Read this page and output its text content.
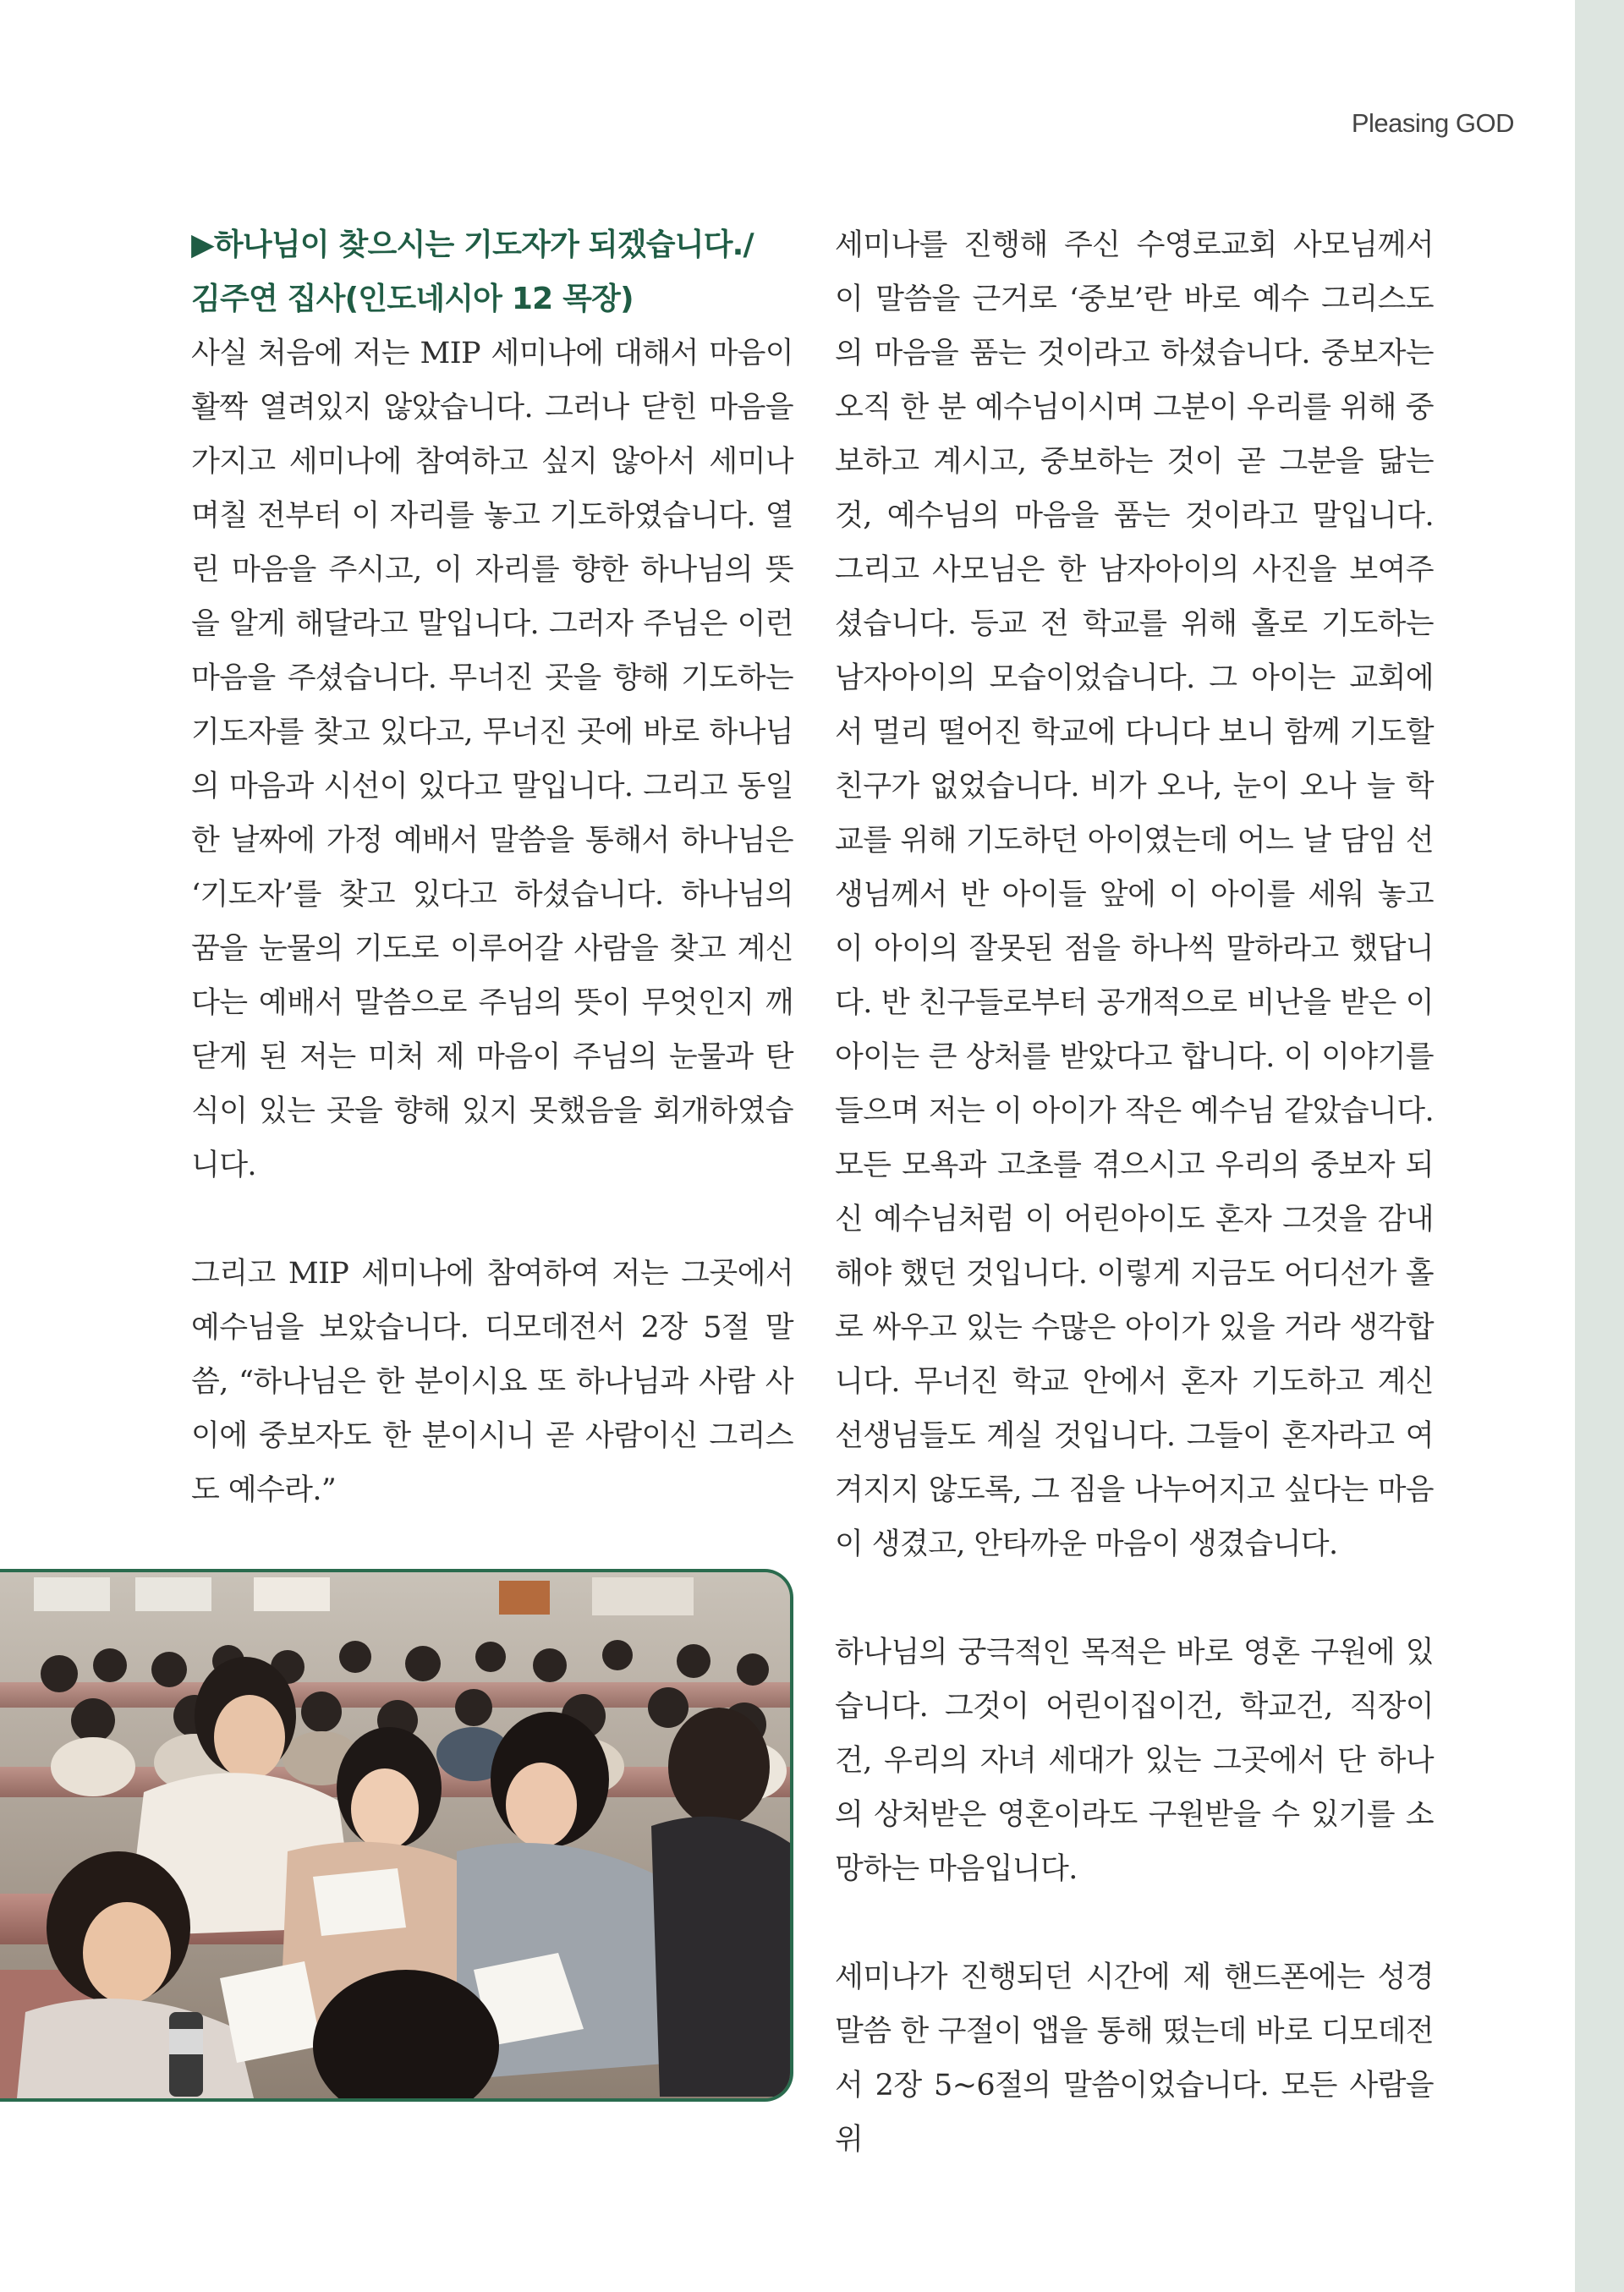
Pleasing GOD
▶하나님이 찾으시는 기도자가 되겠습니다./
김주연 집사(인도네시아 12 목장)

사실 처음에 저는 MIP 세미나에 대해서 마음이 활짝 열려있지 않았습니다. 그러나 닫힌 마음을 가지고 세미나에 참여하고 싶지 않아서 세미나 며칠 전부터 이 자리를 놓고 기도하였습니다. 열린 마음을 주시고, 이 자리를 향한 하나님의 뜻을 알게 해달라고 말입니다. 그러자 주님은 이런 마음을 주셨습니다. 무너진 곳을 향해 기도하는 기도자를 찾고 있다고, 무너진 곳에 바로 하나님의 마음과 시선이 있다고 말입니다. 그리고 동일한 날짜에 가정 예배서 말씀을 통해서 하나님은 ‘기도자’를 찾고 있다고 하셨습니다. 하나님의 꿈을 눈물의 기도로 이루어갈 사람을 찾고 계신다는 예배서 말씀으로 주님의 뜻이 무엇인지 깨닫게 된 저는 미처 제 마음이 주님의 눈물과 탄식이 있는 곳을 향해 있지 못했음을 회개하였습니다.

그리고 MIP 세미나에 참여하여 저는 그곳에서 예수님을 보았습니다. 디모데전서 2장 5절 말씀, “하나님은 한 분이시요 또 하나님과 사람 사이에 중보자도 한 분이시니 곧 사람이신 그리스도 예수라.”

세미나를 진행해 주신 수영로교회 사모님께서 이 말씀을 근거로 ‘중보’란 바로 예수 그리스도의 마음을 품는 것이라고 하셨습니다. 중보자는 오직 한 분 예수님이시며 그분이 우리를 위해 중보하고 계시고, 중보하는 것이 곧 그분을 닮는 것, 예수님의 마음을 품는 것이라고 말입니다. 그리고 사모님은 한 남자아이의 사진을 보여주셨습니다. 등교 전 학교를 위해 홀로 기도하는 남자아이의 모습이었습니다. 그 아이는 교회에서 멀리 떨어진 학교에 다니다 보니 함께 기도할 친구가 없었습니다. 비가 오나, 눈이 오나 늘 학교를 위해 기도하던 아이였는데 어느 날 담임 선생님께서 반 아이들 앞에 이 아이를 세워 놓고 이 아이의 잘못된 점을 하나씩 말하라고 했답니다. 반 친구들로부터 공개적으로 비난을 받은 이 아이는 큰 상처를 받았다고 합니다. 이 이야기를 들으며 저는 이 아이가 작은 예수님 같았습니다. 모든 모욕과 고초를 겪으시고 우리의 중보자 되신 예수님처럼 이 어린아이도 혼자 그것을 감내해야 했던 것입니다. 이렇게 지금도 어디선가 홀로 싸우고 있는 수많은 아이가 있을 거라 생각합니다. 무너진 학교 안에서 혼자 기도하고 계신 선생님들도 계실 것입니다. 그들이 혼자라고 여겨지지 않도록, 그 짐을 나누어지고 싶다는 마음이 생겼고, 안타까운 마음이 생겼습니다.

하나님의 궁극적인 목적은 바로 영혼 구원에 있습니다. 그것이 어린이집이건, 학교건, 직장이건, 우리의 자녀 세대가 있는 그곳에서 단 하나의 상처받은 영혼이라도 구원받을 수 있기를 소망하는 마음입니다.

세미나가 진행되던 시간에 제 핸드폰에는 성경 말씀 한 구절이 앱을 통해 떴는데 바로 디모데전서 2장 5~6절의 말씀이었습니다. 모든 사람을 위
